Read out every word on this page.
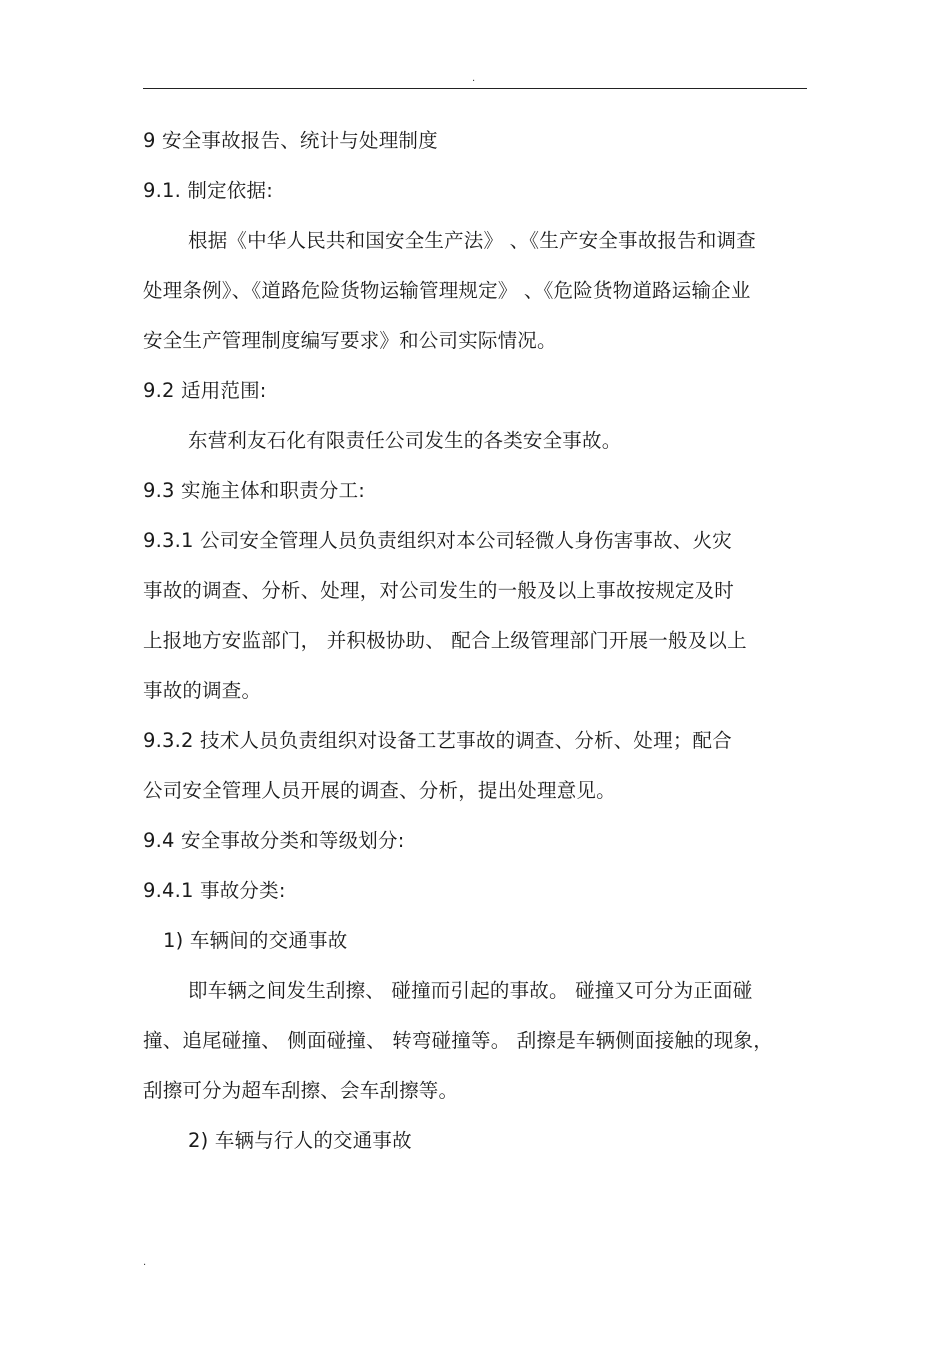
.
9 安全事故报告、统计与处理制度
9.1. 制定依据:
根据《中华人民共和国安全生产法》 、《生产安全事故报告和调查
处理条例》、《道路危险货物运输管理规定》 、《危险货物道路运输企业
安全生产管理制度编写要求》和公司实际情况。
9.2 适用范围:
东营利友石化有限责任公司发生的各类安全事故。
9.3 实施主体和职责分工:
9.3.1 公司安全管理人员负责组织对本公司轻微人身伤害事故、火灾
事故的调查、分析、处理，对公司发生的一般及以上事故按规定及时
上报地方安监部门， 并积极协助、 配合上级管理部门开展一般及以上
事故的调查。
9.3.2 技术人员负责组织对设备工艺事故的调查、分析、处理；配合
公司安全管理人员开展的调查、分析，提出处理意见。
9.4 安全事故分类和等级划分:
9.4.1 事故分类:
1) 车辆间的交通事故
即车辆之间发生刮擦、 碰撞而引起的事故。 碰撞又可分为正面碰
撞、追尾碰撞、 侧面碰撞、 转弯碰撞等。 刮擦是车辆侧面接触的现象，
刮擦可分为超车刮擦、会车刮擦等。
2) 车辆与行人的交通事故
.
